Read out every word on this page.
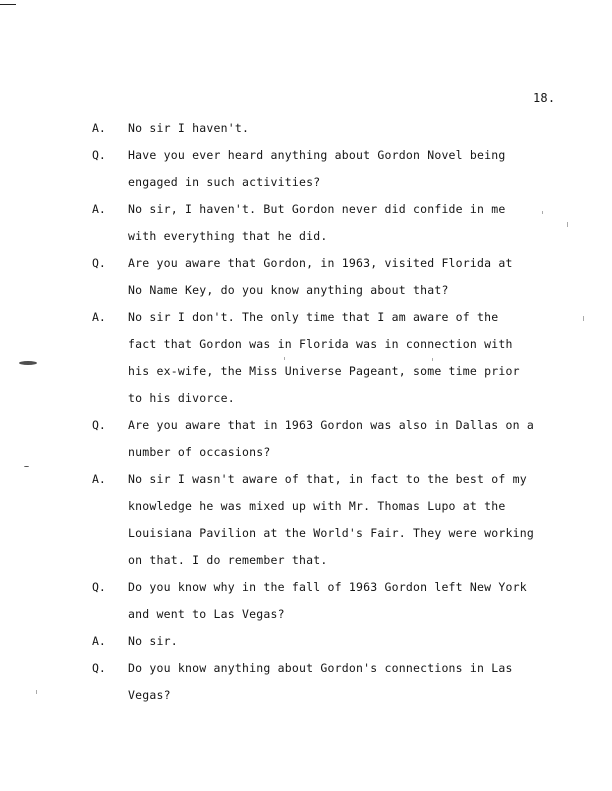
18.
A. No sir I haven't.
Q. Have you ever heard anything about Gordon Novel being
engaged in such activities?
A. No sir, I haven't. But Gordon never did confide in me
with everything that he did.
Q. Are you aware that Gordon, in 1963, visited Florida at
No Name Key, do you know anything about that?
A. No sir I don't. The only time that I am aware of the
fact that Gordon was in Florida was in connection with
his ex-wife, the Miss Universe Pageant, some time prior
to his divorce.
Q. Are you aware that in 1963 Gordon was also in Dallas on a
number of occasions?
A. No sir I wasn't aware of that, in fact to the best of my
knowledge he was mixed up with Mr. Thomas Lupo at the
Louisiana Pavilion at the World's Fair. They were working
on that. I do remember that.
Q. Do you know why in the fall of 1963 Gordon left New York
and went to Las Vegas?
A. No sir.
Q. Do you know anything about Gordon's connections in Las
Vegas?
